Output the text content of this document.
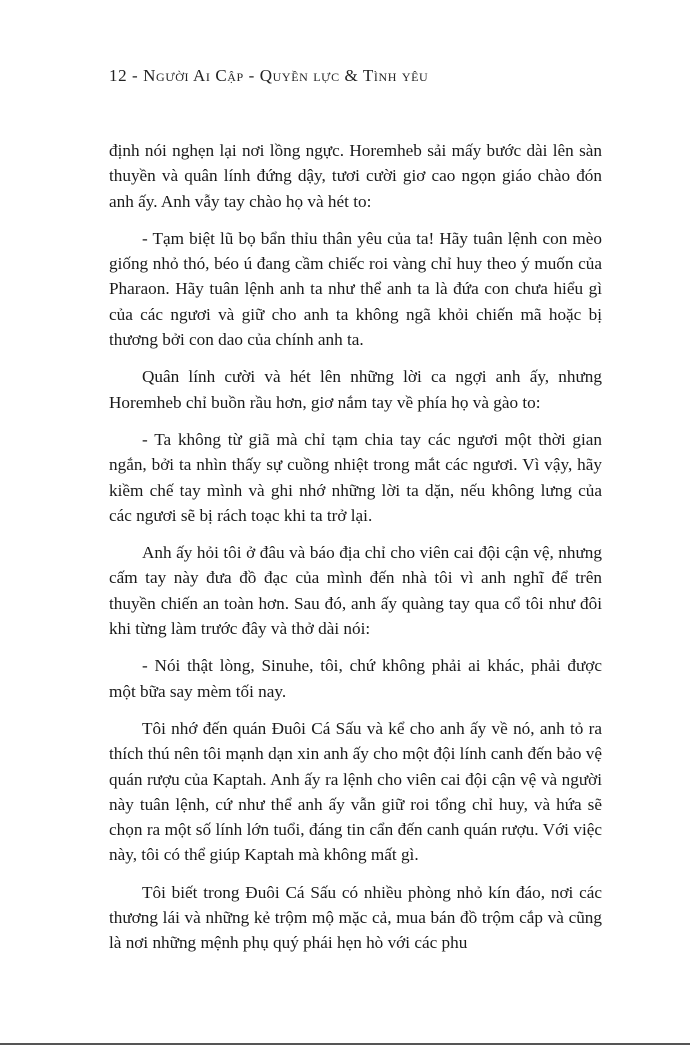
12 - Người Ai Cập - Quyền lực & Tình yêu

định nói nghẹn lại nơi lồng ngực. Horemheb sải mấy bước dài lên sàn thuyền và quân lính đứng dậy, tươi cười giơ cao ngọn giáo chào đón anh ấy. Anh vẫy tay chào họ và hét to:

- Tạm biệt lũ bọ bẩn thỉu thân yêu của ta! Hãy tuân lệnh con mèo giống nhỏ thó, béo ú đang cầm chiếc roi vàng chỉ huy theo ý muốn của Pharaon. Hãy tuân lệnh anh ta như thể anh ta là đứa con chưa hiểu gì của các ngươi và giữ cho anh ta không ngã khỏi chiến mã hoặc bị thương bởi con dao của chính anh ta.

Quân lính cười và hét lên những lời ca ngợi anh ấy, nhưng Horemheb chỉ buồn rầu hơn, giơ nắm tay về phía họ và gào to:

- Ta không từ giã mà chỉ tạm chia tay các ngươi một thời gian ngắn, bởi ta nhìn thấy sự cuồng nhiệt trong mắt các ngươi. Vì vậy, hãy kiềm chế tay mình và ghi nhớ những lời ta dặn, nếu không lưng của các ngươi sẽ bị rách toạc khi ta trở lại.

Anh ấy hỏi tôi ở đâu và báo địa chỉ cho viên cai đội cận vệ, nhưng cấm tay này đưa đồ đạc của mình đến nhà tôi vì anh nghĩ để trên thuyền chiến an toàn hơn. Sau đó, anh ấy quàng tay qua cổ tôi như đôi khi từng làm trước đây và thở dài nói:

- Nói thật lòng, Sinuhe, tôi, chứ không phải ai khác, phải được một bữa say mèm tối nay.

Tôi nhớ đến quán Đuôi Cá Sấu và kể cho anh ấy về nó, anh tỏ ra thích thú nên tôi mạnh dạn xin anh ấy cho một đội lính canh đến bảo vệ quán rượu của Kaptah. Anh ấy ra lệnh cho viên cai đội cận vệ và người này tuân lệnh, cứ như thể anh ấy vẫn giữ roi tổng chỉ huy, và hứa sẽ chọn ra một số lính lớn tuổi, đáng tin cẩn đến canh quán rượu. Với việc này, tôi có thể giúp Kaptah mà không mất gì.

Tôi biết trong Đuôi Cá Sấu có nhiều phòng nhỏ kín đáo, nơi các thương lái và những kẻ trộm mộ mặc cả, mua bán đồ trộm cắp và cũng là nơi những mệnh phụ quý phái hẹn hò với các phu
